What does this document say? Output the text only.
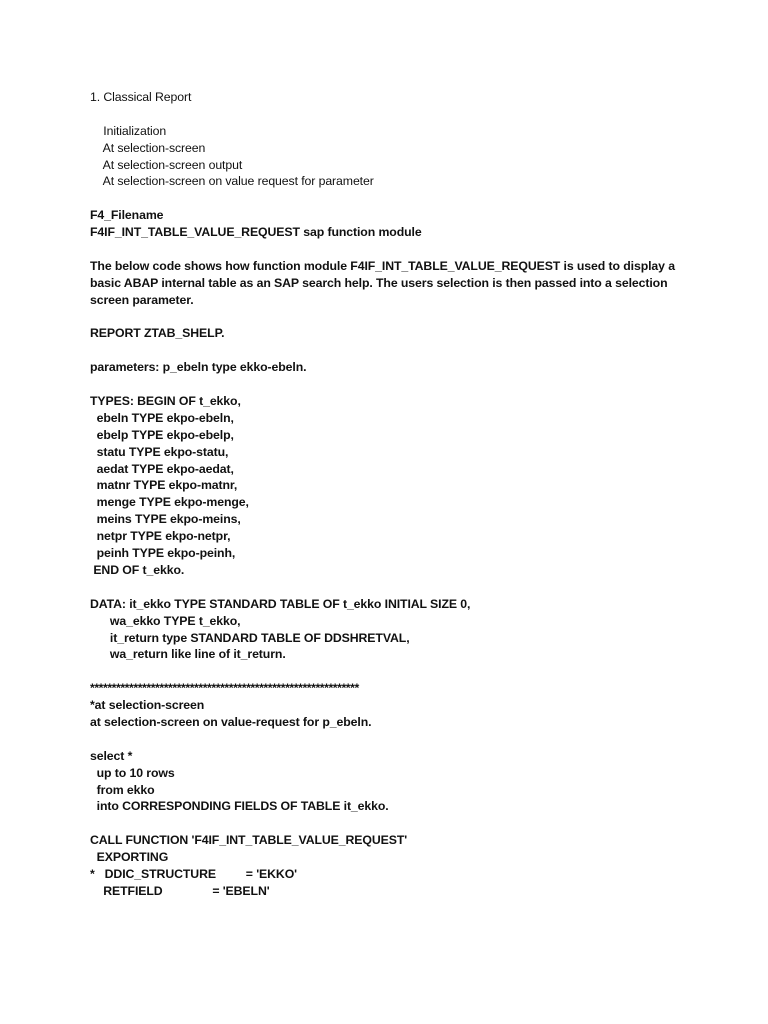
1. Classical Report
Initialization
At selection-screen
At selection-screen output
At selection-screen on value request for parameter
F4_Filename
F4IF_INT_TABLE_VALUE_REQUEST sap function module
The below code shows how function module F4IF_INT_TABLE_VALUE_REQUEST is used to display a
basic ABAP internal table as an SAP search help. The users selection is then passed into a selection
screen parameter.
REPORT ZTAB_SHELP.
parameters: p_ebeln type ekko-ebeln.
TYPES: BEGIN OF t_ekko,
ebeln TYPE ekpo-ebeln,
ebelp TYPE ekpo-ebelp,
statu TYPE ekpo-statu,
aedat TYPE ekpo-aedat,
matnr TYPE ekpo-matnr,
menge TYPE ekpo-menge,
meins TYPE ekpo-meins,
netpr TYPE ekpo-netpr,
peinh TYPE ekpo-peinh,
END OF t_ekko.
DATA: it_ekko TYPE STANDARD TABLE OF t_ekko INITIAL SIZE 0,
wa_ekko TYPE t_ekko,
it_return type STANDARD TABLE OF DDSHRETVAL,
wa_return like line of it_return.
**************************************************************
*at selection-screen
at selection-screen on value-request for p_ebeln.
select *
up to 10 rows
from ekko
into CORRESPONDING FIELDS OF TABLE it_ekko.
CALL FUNCTION 'F4IF_INT_TABLE_VALUE_REQUEST'
EXPORTING
*   DDIC_STRUCTURE         = 'EKKO'
RETFIELD               = 'EBELN'
